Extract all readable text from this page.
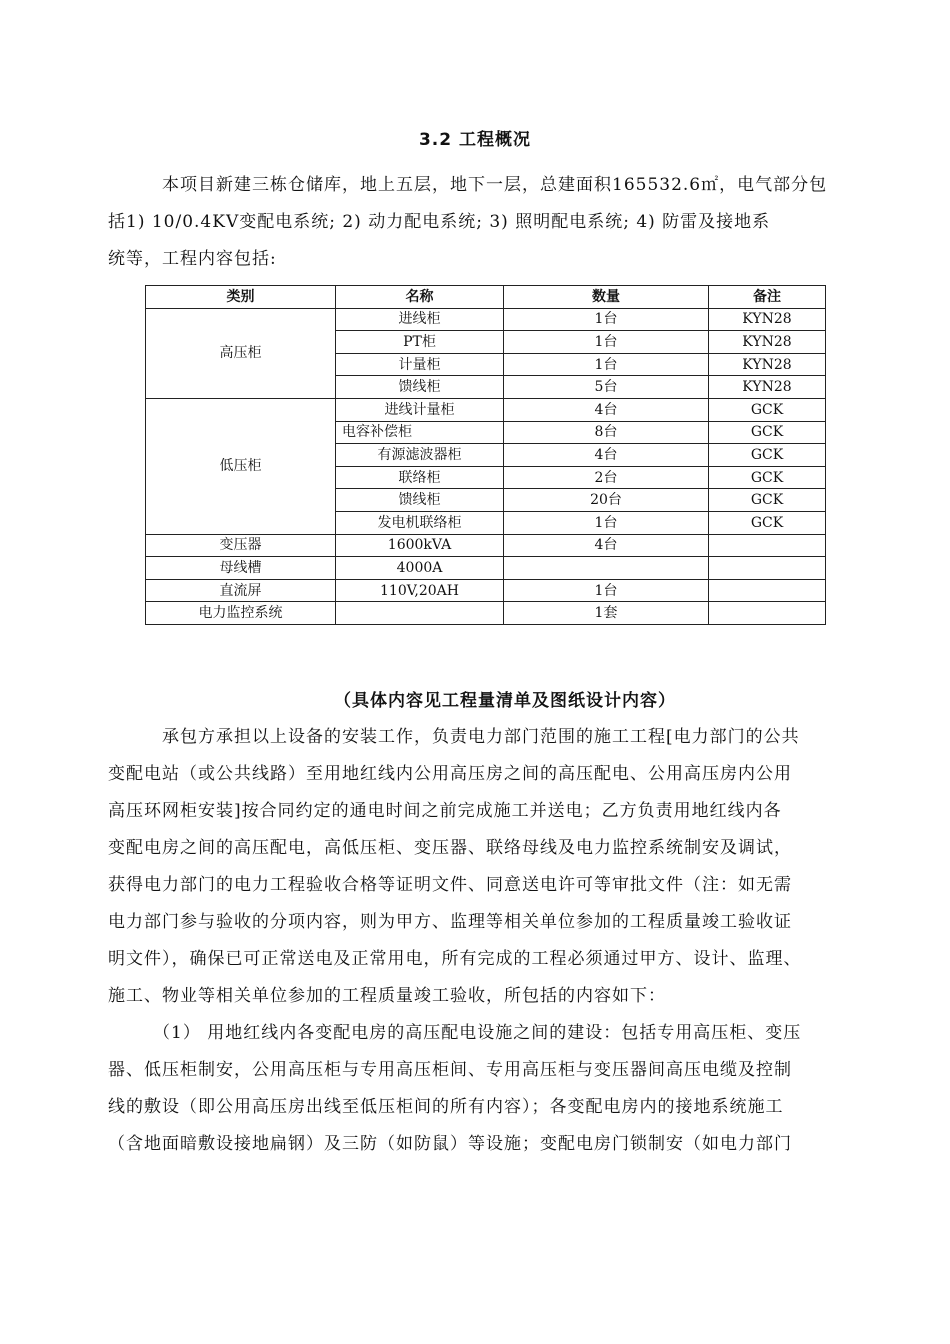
3.2 工程概况
本项目新建三栋仓储库，地上五层，地下一层，总建面积165532.6㎡，电气部分包
括1) 10/0.4KV变配电系统; 2) 动力配电系统; 3) 照明配电系统; 4) 防雷及接地系
统等，工程内容包括:
类别	名称	数量	备注
高压柜	进线柜	1台	KYN28
	PT柜	1台	KYN28
	计量柜	1台	KYN28
	馈线柜	5台	KYN28
低压柜	进线计量柜	4台	GCK
	电容补偿柜	8台	GCK
	有源滤波器柜	4台	GCK
	联络柜	2台	GCK
	馈线柜	20台	GCK
	发电机联络柜	1台	GCK
变压器	1600kVA	4台	
母线槽	4000A		
直流屏	110V,20AH	1台	
电力监控系统		1套	
（具体内容见工程量清单及图纸设计内容）
承包方承担以上设备的安装工作，负责电力部门范围的施工工程[电力部门的公共
变配电站（或公共线路）至用地红线内公用高压房之间的高压配电、公用高压房内公用
高压环网柜安装]按合同约定的通电时间之前完成施工并送电；乙方负责用地红线内各
变配电房之间的高压配电，高低压柜、变压器、联络母线及电力监控系统制安及调试，
获得电力部门的电力工程验收合格等证明文件、同意送电许可等审批文件（注：如无需
电力部门参与验收的分项内容，则为甲方、监理等相关单位参加的工程质量竣工验收证
明文件），确保已可正常送电及正常用电，所有完成的工程必须通过甲方、设计、监理、
施工、物业等相关单位参加的工程质量竣工验收，所包括的内容如下：
（1） 用地红线内各变配电房的高压配电设施之间的建设：包括专用高压柜、变压
器、低压柜制安，公用高压柜与专用高压柜间、专用高压柜与变压器间高压电缆及控制
线的敷设（即公用高压房出线至低压柜间的所有内容）；各变配电房内的接地系统施工
（含地面暗敷设接地扁钢）及三防（如防鼠）等设施；变配电房门锁制安（如电力部门
